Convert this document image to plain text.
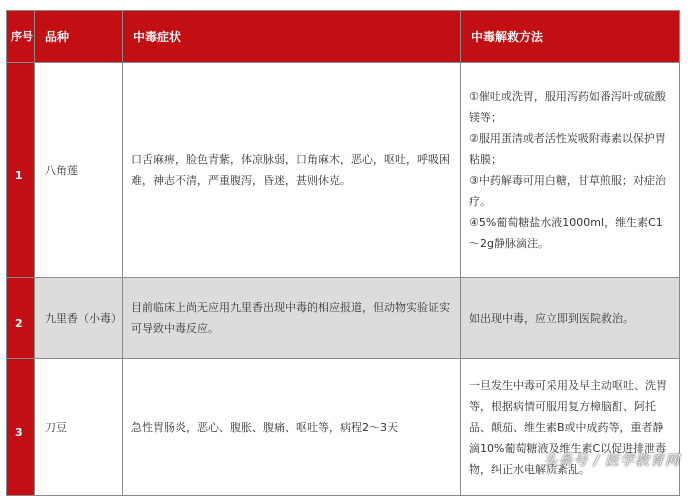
序号	品种	中毒症状	中毒解救方法
1	八角莲	口舌麻痹，脸色青紫，体凉脉弱，口角麻木，恶心，呕吐，呼吸困难，神志不清，严重腹泻，昏迷，甚则休克。	①催吐或洗胃，服用泻药如番泻叶或硫酸镁等；
②服用蛋清或者活性炭吸附毒素以保护胃粘膜；
③中药解毒可用白糖，甘草煎服；对症治疗。
④5%葡萄糖盐水液1000ml，维生素C1～2g静脉滴注。

2	九里香（小毒）	目前临床上尚无应用九里香出现中毒的相应报道，但动物实验证实可导致中毒反应。	如出现中毒，应立即到医院救治。

3	刀豆	急性胃肠炎，恶心、腹胀、腹痛、呕吐等，病程2～3天	一旦发生中毒可采用及早主动呕吐、洗胃等，根据病情可服用复方樟脑酊、阿托品、颠茄、维生素B或中成药等，重者静滴10%葡萄糖液及维生素C以促进排泄毒物，纠正水电解质紊乱。
头条号 / 医学教育网
